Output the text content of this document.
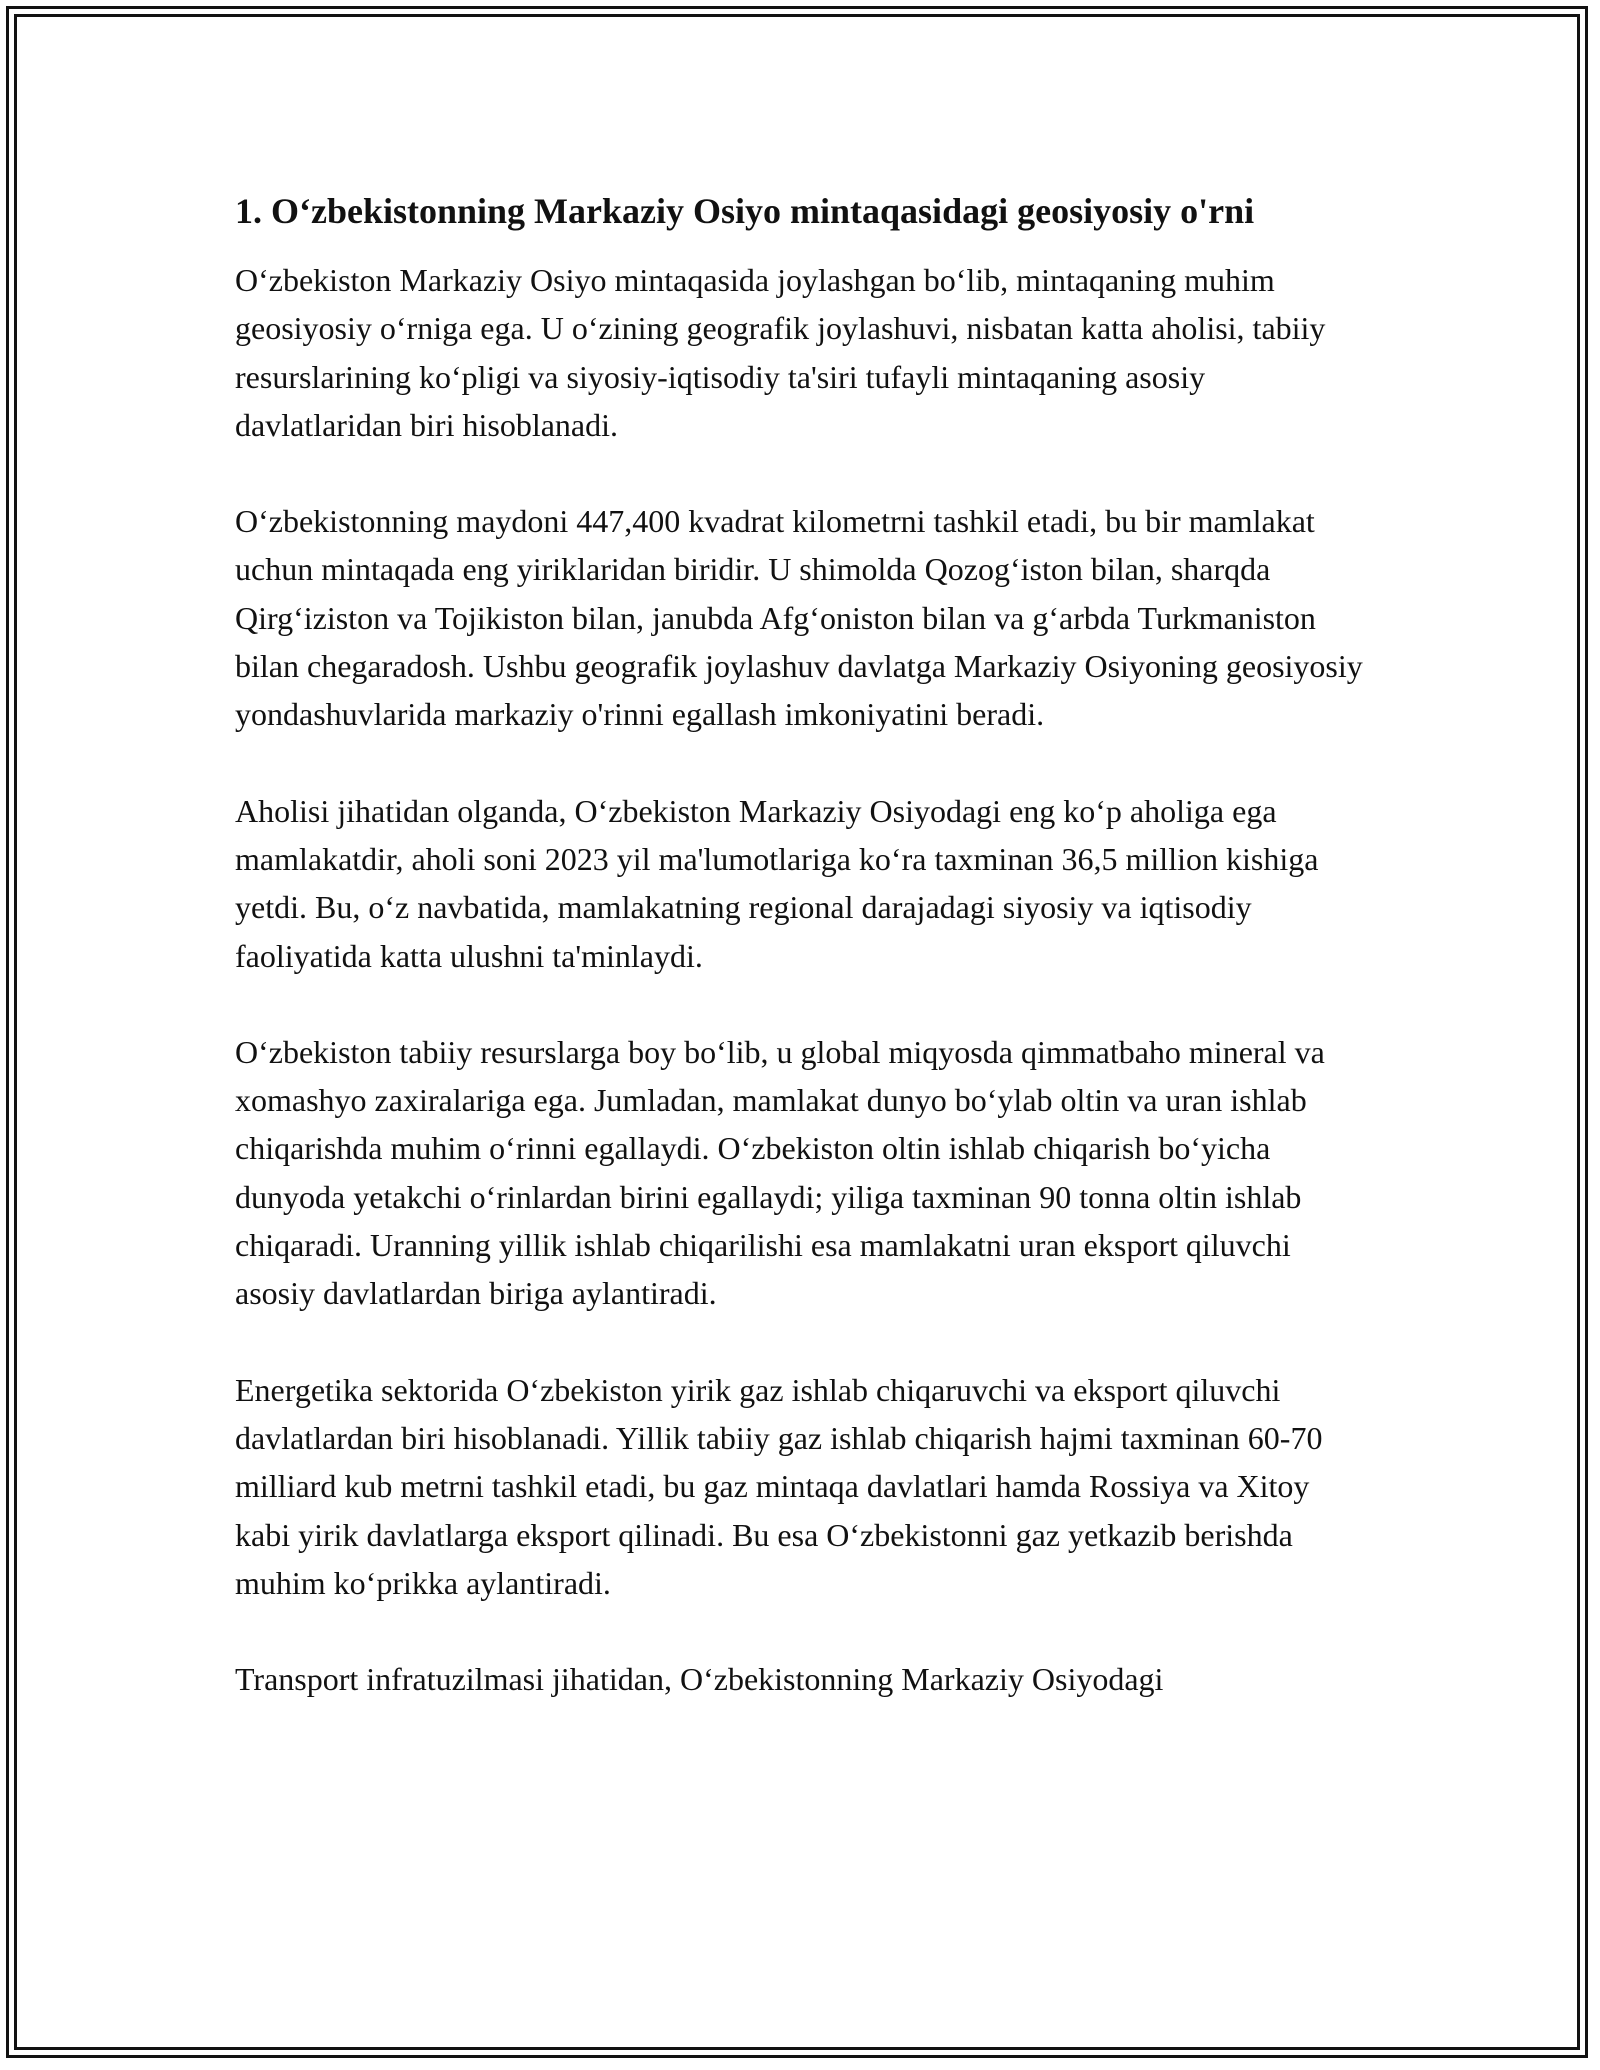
1. O‘zbekistonning Markaziy Osiyo mintaqasidagi geosiyosiy o'rni

O‘zbekiston Markaziy Osiyo mintaqasida joylashgan bo‘lib, mintaqaning muhim geosiyosiy o‘rniga ega. U o‘zining geografik joylashuvi, nisbatan katta aholisi, tabiiy resurslarining ko‘pligi va siyosiy-iqtisodiy ta'siri tufayli mintaqaning asosiy davlatlaridan biri hisoblanadi.

O‘zbekistonning maydoni 447,400 kvadrat kilometrni tashkil etadi, bu bir mamlakat uchun mintaqada eng yiriklaridan biridir. U shimolda Qozog‘iston bilan, sharqda Qirg‘iziston va Tojikiston bilan, janubda Afg‘oniston bilan va g‘arbda Turkmaniston bilan chegaradosh. Ushbu geografik joylashuv davlatga Markaziy Osiyoning geosiyosiy yondashuvlarida markaziy o'rinni egallash imkoniyatini beradi.

Aholisi jihatidan olganda, O‘zbekiston Markaziy Osiyodagi eng ko‘p aholiga ega mamlakatdir, aholi soni 2023 yil ma'lumotlariga ko‘ra taxminan 36,5 million kishiga yetdi. Bu, o‘z navbatida, mamlakatning regional darajadagi siyosiy va iqtisodiy faoliyatida katta ulushni ta'minlaydi.

O‘zbekiston tabiiy resurslarga boy bo‘lib, u global miqyosda qimmatbaho mineral va xomashyo zaxiralariga ega. Jumladan, mamlakat dunyo bo‘ylab oltin va uran ishlab chiqarishda muhim o‘rinni egallaydi. O‘zbekiston oltin ishlab chiqarish bo‘yicha dunyoda yetakchi o‘rinlardan birini egallaydi; yiliga taxminan 90 tonna oltin ishlab chiqaradi. Uranning yillik ishlab chiqarilishi esa mamlakatni uran eksport qiluvchi asosiy davlatlardan biriga aylantiradi.

Energetika sektorida O‘zbekiston yirik gaz ishlab chiqaruvchi va eksport qiluvchi davlatlardan biri hisoblanadi. Yillik tabiiy gaz ishlab chiqarish hajmi taxminan 60-70 milliard kub metrni tashkil etadi, bu gaz mintaqa davlatlari hamda Rossiya va Xitoy kabi yirik davlatlarga eksport qilinadi. Bu esa O‘zbekistonni gaz yetkazib berishda muhim ko‘prikka aylantiradi.

Transport infratuzilmasi jihatidan, O‘zbekistonning Markaziy Osiyodagi
